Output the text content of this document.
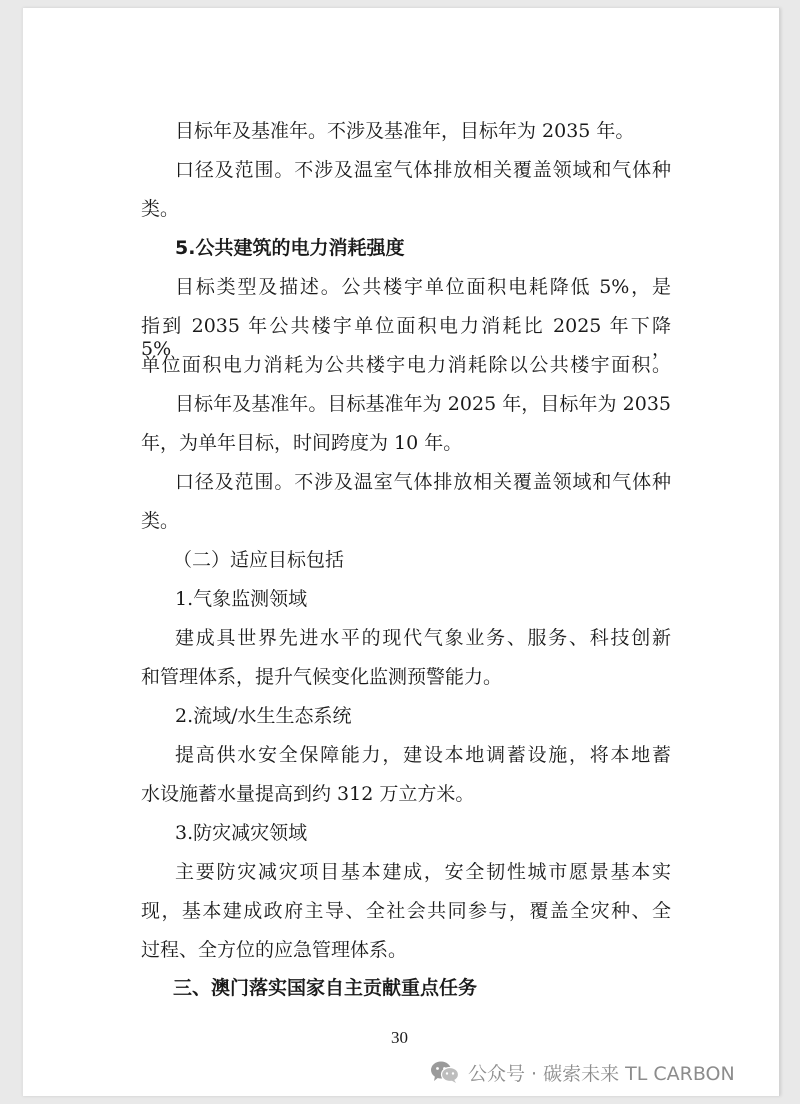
目标年及基准年。不涉及基准年，目标年为 2035 年。
口径及范围。不涉及温室气体排放相关覆盖领域和气体种
类。
5.公共建筑的电力消耗强度
目标类型及描述。公共楼宇单位面积电耗降低 5%，是
指到 2035 年公共楼宇单位面积电力消耗比 2025 年下降 5%，
单位面积电力消耗为公共楼宇电力消耗除以公共楼宇面积。
目标年及基准年。目标基准年为 2025 年，目标年为 2035
年，为单年目标，时间跨度为 10 年。
口径及范围。不涉及温室气体排放相关覆盖领域和气体种
类。
（二）适应目标包括
1.气象监测领域
建成具世界先进水平的现代气象业务、服务、科技创新
和管理体系，提升气候变化监测预警能力。
2.流域/水生生态系统
提高供水安全保障能力，建设本地调蓄设施，将本地蓄
水设施蓄水量提高到约 312 万立方米。
3.防灾减灾领域
主要防灾减灾项目基本建成，安全韧性城市愿景基本实
现，基本建成政府主导、全社会共同参与，覆盖全灾种、全
过程、全方位的应急管理体系。
三、澳门落实国家自主贡献重点任务
30
公众号 · 碳索未来 TL CARBON
